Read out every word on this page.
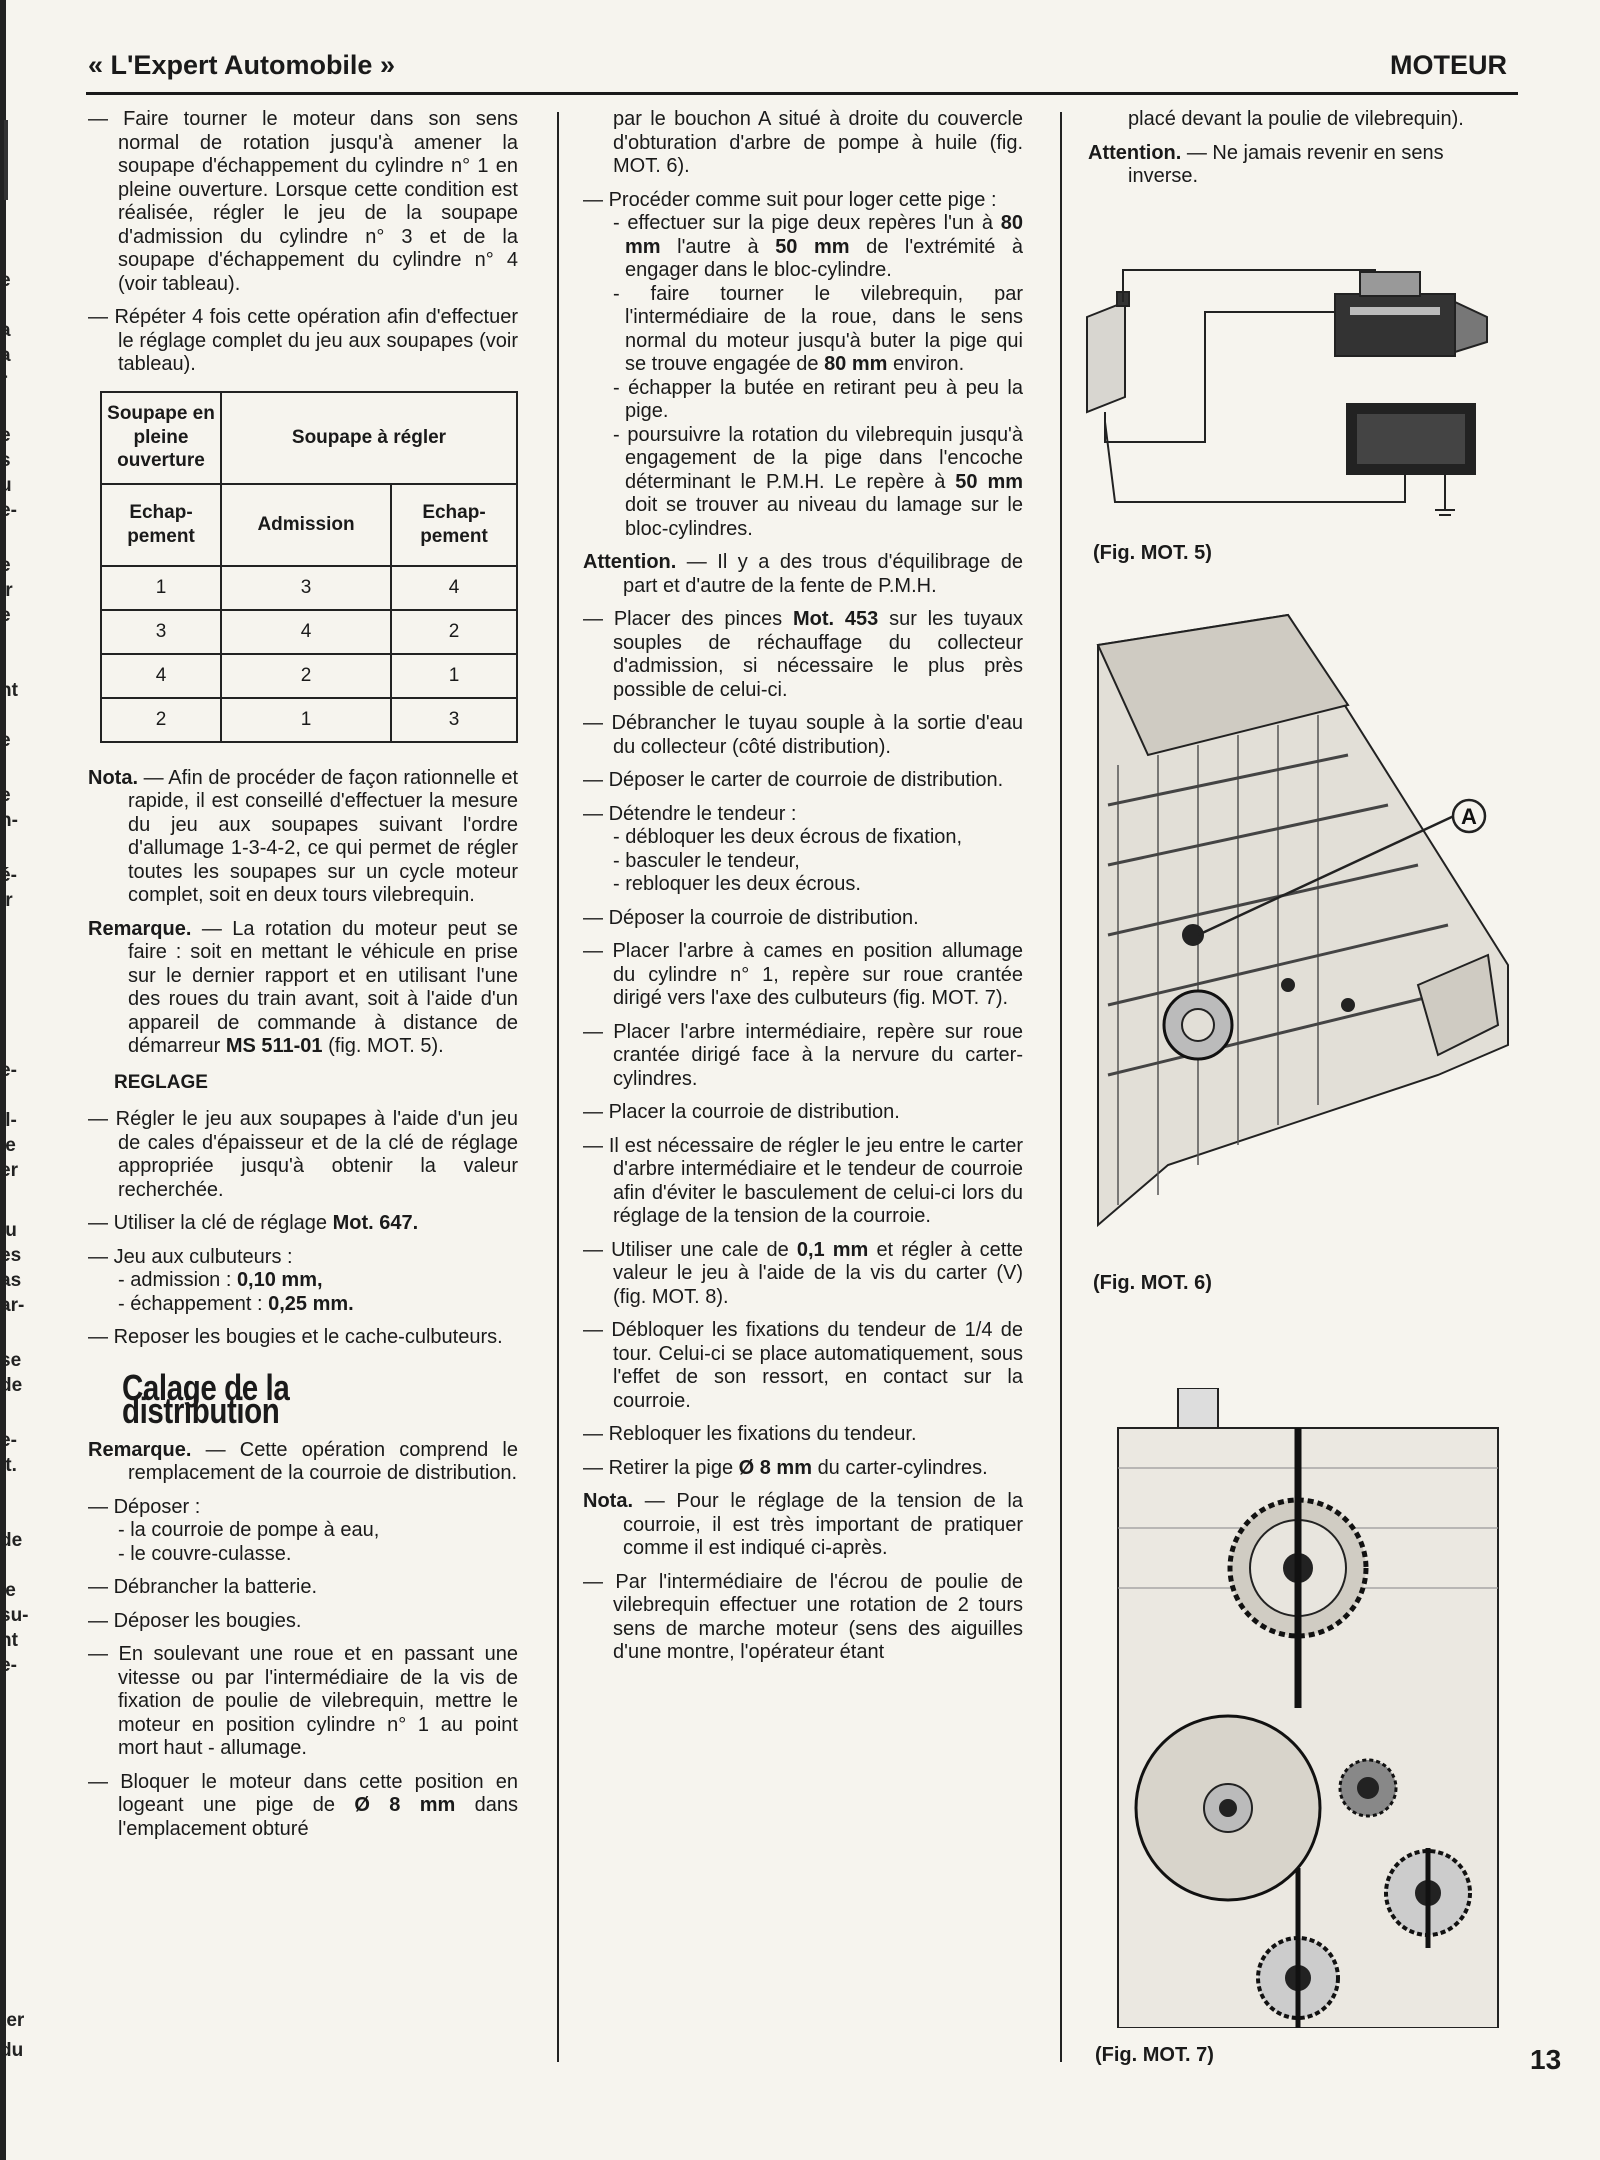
e
a
a
r
e
s
u
e-
e
ir
e
nt
e
e
n-
é-
ir
e-
il-
je
er
iu
es
as
ar-
se
de
e-
it.
de
le
su-
nt
e-
ter
du
« L'Expert Automobile »	MOTEUR

— Faire tourner le moteur dans son sens normal de rotation jusqu'à amener la soupape d'échappement du cylindre n° 1 en pleine ouverture. Lorsque cette condition est réalisée, régler le jeu de la soupape d'admission du cylindre n° 3 et de la soupape d'échappement du cylindre n° 4 (voir tableau).

— Répéter 4 fois cette opération afin d'effectuer le réglage complet du jeu aux soupapes (voir tableau).

Soupape en pleine ouverture	Soupape à régler	
Echap-pement	Admission	Echap-pement
1	3	4
3	4	2
4	2	1
2	1	3

Nota. — Afin de procéder de façon rationnelle et rapide, il est conseillé d'effectuer la mesure du jeu aux soupapes suivant l'ordre d'allumage 1-3-4-2, ce qui permet de régler toutes les soupapes sur un cycle moteur complet, soit en deux tours vilebrequin.

Remarque. — La rotation du moteur peut se faire : soit en mettant le véhicule en prise sur le dernier rapport et en utilisant l'une des roues du train avant, soit à l'aide d'un appareil de commande à distance de démarreur MS 511-01 (fig. MOT. 5).

REGLAGE

— Régler le jeu aux soupapes à l'aide d'un jeu de cales d'épaisseur et de la clé de réglage appropriée jusqu'à obtenir la valeur recherchée.

— Utiliser la clé de réglage Mot. 647.

— Jeu aux culbuteurs :

- admission : 0,10 mm,

- échappement : 0,25 mm.

— Reposer les bougies et le cache-culbuteurs.

Calage de la distribution

Remarque. — Cette opération comprend le remplacement de la courroie de distribution.

— Déposer :

- la courroie de pompe à eau,

- le couvre-culasse.

— Débrancher la batterie.

— Déposer les bougies.

— En soulevant une roue et en passant une vitesse ou par l'intermédiaire de la vis de fixation de poulie de vilebrequin, mettre le moteur en position cylindre n° 1 au point mort haut - allumage.

— Bloquer le moteur dans cette position en logeant une pige de Ø 8 mm dans l'emplacement obturé

par le bouchon A situé à droite du couvercle d'obturation d'arbre de pompe à huile (fig. MOT. 6).

— Procéder comme suit pour loger cette pige :

- effectuer sur la pige deux repères l'un à 80 mm l'autre à 50 mm de l'extrémité à engager dans le bloc-cylindre.

- faire tourner le vilebrequin, par l'intermédiaire de la roue, dans le sens normal du moteur jusqu'à buter la pige qui se trouve engagée de 80 mm environ.

- échapper la butée en retirant peu à peu la pige.

- poursuivre la rotation du vilebrequin jusqu'à engagement de la pige dans l'encoche déterminant le P.M.H. Le repère à 50 mm doit se trouver au niveau du lamage sur le bloc-cylindres.

Attention. — Il y a des trous d'équilibrage de part et d'autre de la fente de P.M.H.

— Placer des pinces Mot. 453 sur les tuyaux souples de réchauffage du collecteur d'admission, si nécessaire le plus près possible de celui-ci.

— Débrancher le tuyau souple à la sortie d'eau du collecteur (côté distribution).

— Déposer le carter de courroie de distribution.

— Détendre le tendeur :

- débloquer les deux écrous de fixation,

- basculer le tendeur,

- rebloquer les deux écrous.

— Déposer la courroie de distribution.

— Placer l'arbre à cames en position allumage du cylindre n° 1, repère sur roue crantée dirigé vers l'axe des culbuteurs (fig. MOT. 7).

— Placer l'arbre intermédiaire, repère sur roue crantée dirigé face à la nervure du carter-cylindres.

— Placer la courroie de distribution.

— Il est nécessaire de régler le jeu entre le carter d'arbre intermédiaire et le tendeur de courroie afin d'éviter le basculement de celui-ci lors du réglage de la tension de la courroie.

— Utiliser une cale de 0,1 mm et régler à cette valeur le jeu à l'aide de la vis du carter (V) (fig. MOT. 8).

— Débloquer les fixations du tendeur de 1/4 de tour. Celui-ci se place automatiquement, sous l'effet de son ressort, en contact sur la courroie.

— Rebloquer les fixations du tendeur.

— Retirer la pige Ø 8 mm du carter-cylindres.

Nota. — Pour le réglage de la tension de la courroie, il est très important de pratiquer comme il est indiqué ci-après.

— Par l'intermédiaire de l'écrou de poulie de vilebrequin effectuer une rotation de 2 tours sens de marche moteur (sens des aiguilles d'une montre, l'opérateur étant

placé devant la poulie de vilebrequin).

Attention. — Ne jamais revenir en sens inverse.

(Fig. MOT. 5)
A
(Fig. MOT. 6)
(Fig. MOT. 7)	13
